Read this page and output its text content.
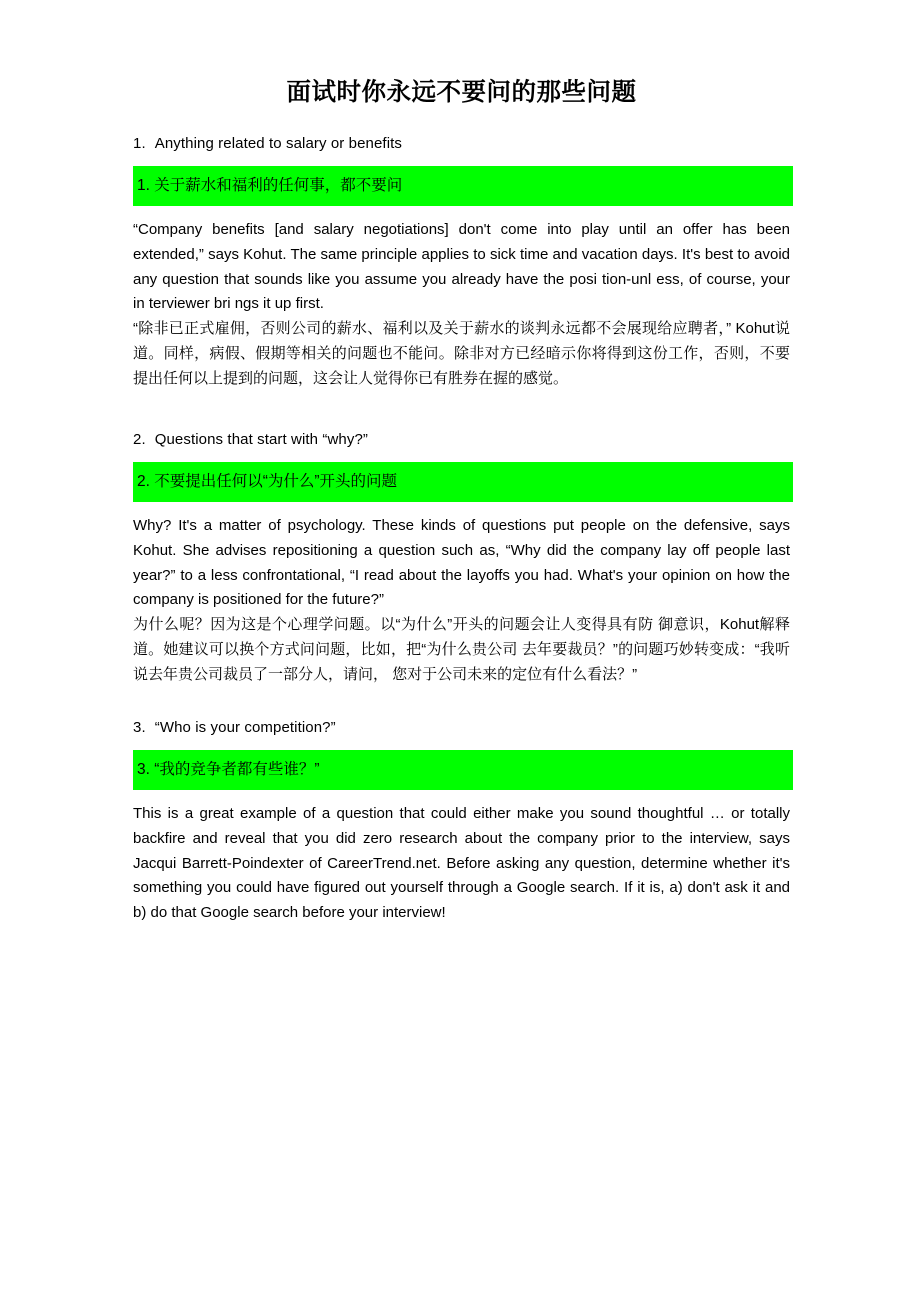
面试时你永远不要问的那些问题

1. Anything related to salary or benefits

1. 关于薪水和福利的任何事，都不要问

“Company benefits [and salary negotiations] don't come into play until an offer has been extended,” says Kohut. The same principle applies to sick time and vacation days. It's best to avoid any question that sounds like you assume you already have the posi tion-unl ess, of course, your in terviewer bri ngs it up first.

“除非已正式雇佣，否则公司的薪水、福利以及关于薪水的谈判永远都不会展现给应聘者，” Kohut说道。同样，病假、假期等相关的问题也不能问。除非对方已经暗示你将得到这份工作，否则，不要提出任何以上提到的问题，这会让人觉得你已有胜券在握的感觉。

2. Questions that start with “why?”

2. 不要提出任何以“为什么”开头的问题

Why? It's a matter of psychology. These kinds of questions put people on the defensive, says Kohut. She advises repositioning a question such as, “Why did the company lay off people last year?” to a less confrontational, “I read about the layoffs you had. What's your opinion on how the company is positioned for the future?”

为什么呢？因为这是个心理学问题。以“为什么”开头的问题会让人变得具有防 御意识，Kohut解释道。她建议可以换个方式问问题，比如，把“为什么贵公司 去年要裁员？”的问题巧妙转变成：“我听说去年贵公司裁员了一部分人，请问， 您对于公司未来的定位有什么看法？”

3. “Who is your competition?”

3. “我的竞争者都有些谁？”

This is a great example of a question that could either make you sound thoughtful … or totally backfire and reveal that you did zero research about the company prior to the interview, says Jacqui Barrett-Poindexter of CareerTrend.net. Before asking any question, determine whether it's something you could have figured out yourself through a Google search. If it is, a) don't ask it and b) do that Google search before your interview!
